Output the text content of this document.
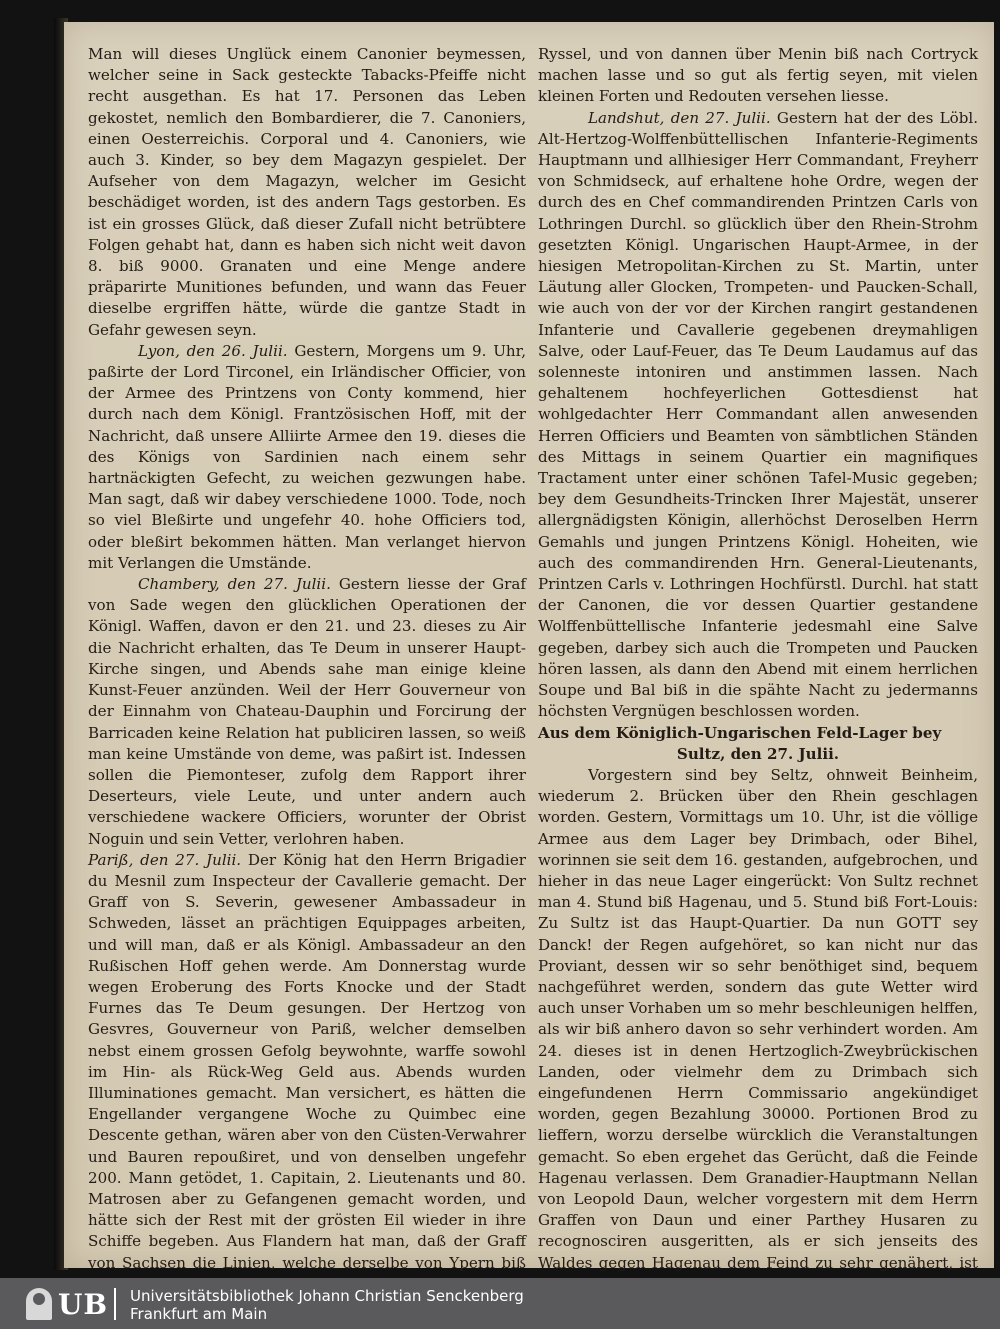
Man will dieses Unglück einem Canonier beymessen, welcher seine in Sack gesteckte Tabacks-Pfeiffe nicht recht ausgethan. Es hat 17. Personen das Leben gekostet, nemlich den Bombardierer, die 7. Canoniers, einen Oesterreichis. Corporal und 4. Canoniers, wie auch 3. Kinder, so bey dem Magazyn gespielet. Der Aufseher von dem Magazyn, welcher im Gesicht beschädiget worden, ist des andern Tags gestorben. Es ist ein grosses Glück, daß dieser Zufall nicht betrübtere Folgen gehabt hat, dann es haben sich nicht weit davon 8. biß 9000. Granaten und eine Menge andere präparirte Munitiones befunden, und wann das Feuer dieselbe ergriffen hätte, würde die gantze Stadt in Gefahr gewesen seyn.

Lyon, den 26. Julii. Gestern, Morgens um 9. Uhr, paßirte der Lord Tirconel, ein Irländischer Officier, von der Armee des Printzens von Conty kommend, hier durch nach dem Königl. Frantzösischen Hoff, mit der Nachricht, daß unsere Alliirte Armee den 19. dieses die des Königs von Sardinien nach einem sehr hartnäckigten Gefecht, zu weichen gezwungen habe. Man sagt, daß wir dabey verschiedene 1000. Tode, noch so viel Bleßirte und ungefehr 40. hohe Officiers tod, oder bleßirt bekommen hätten. Man verlanget hiervon mit Verlangen die Umstände.

Chambery, den 27. Julii. Gestern liesse der Graf von Sade wegen den glücklichen Operationen der Königl. Waffen, davon er den 21. und 23. dieses zu Air die Nachricht erhalten, das Te Deum in unserer Haupt-Kirche singen, und Abends sahe man einige kleine Kunst-Feuer anzünden. Weil der Herr Gouverneur von der Einnahm von Chateau-Dauphin und Forcirung der Barricaden keine Relation hat publiciren lassen, so weiß man keine Umstände von deme, was paßirt ist. Indessen sollen die Piemonteser, zufolg dem Rapport ihrer Deserteurs, viele Leute, und unter andern auch verschiedene wackere Officiers, worunter der Obrist Noguin und sein Vetter, verlohren haben.

Pariß, den 27. Julii. Der König hat den Herrn Brigadier du Mesnil zum Inspecteur der Cavallerie gemacht. Der Graff von S. Severin, gewesener Ambassadeur in Schweden, lässet an prächtigen Equippages arbeiten, und will man, daß er als Königl. Ambassadeur an den Rußischen Hoff gehen werde. Am Donnerstag wurde wegen Eroberung des Forts Knocke und der Stadt Furnes das Te Deum gesungen. Der Hertzog von Gesvres, Gouverneur von Pariß, welcher demselben nebst einem grossen Gefolg beywohnte, warffe sowohl im Hin- als Rück-Weg Geld aus. Abends wurden Illuminationes gemacht. Man versichert, es hätten die Engellander vergangene Woche zu Quimbec eine Descente gethan, wären aber von den Cüsten-Verwahrer und Bauren repoußiret, und von denselben ungefehr 200. Mann getödet, 1. Capitain, 2. Lieutenants und 80. Matrosen aber zu Gefangenen gemacht worden, und hätte sich der Rest mit der grösten Eil wieder in ihre Schiffe begeben. Aus Flandern hat man, daß der Graff von Sachsen die Linien, welche derselbe von Ypern biß

Ryssel, und von dannen über Menin biß nach Cortryck machen lasse und so gut als fertig seyen, mit vielen kleinen Forten und Redouten versehen liesse.

Landshut, den 27. Julii. Gestern hat der des Löbl. Alt-Hertzog-Wolffenbüttellischen Infanterie-Regiments Hauptmann und allhiesiger Herr Commandant, Freyherr von Schmidseck, auf erhaltene hohe Ordre, wegen der durch des en Chef commandirenden Printzen Carls von Lothringen Durchl. so glücklich über den Rhein-Strohm gesetzten Königl. Ungarischen Haupt-Armee, in der hiesigen Metropolitan-Kirchen zu St. Martin, unter Läutung aller Glocken, Trompeten- und Paucken-Schall, wie auch von der vor der Kirchen rangirt gestandenen Infanterie und Cavallerie gegebenen dreymahligen Salve, oder Lauf-Feuer, das Te Deum Laudamus auf das solenneste intoniren und anstimmen lassen. Nach gehaltenem hochfeyerlichen Gottesdienst hat wohlgedachter Herr Commandant allen anwesenden Herren Officiers und Beamten von sämbtlichen Ständen des Mittags in seinem Quartier ein magnifiques Tractament unter einer schönen Tafel-Music gegeben; bey dem Gesundheits-Trincken Ihrer Majestät, unserer allergnädigsten Königin, allerhöchst Deroselben Herrn Gemahls und jungen Printzens Königl. Hoheiten, wie auch des commandirenden Hrn. General-Lieutenants, Printzen Carls v. Lothringen Hochfürstl. Durchl. hat statt der Canonen, die vor dessen Quartier gestandene Wolffenbüttellische Infanterie jedesmahl eine Salve gegeben, darbey sich auch die Trompeten und Paucken hören lassen, als dann den Abend mit einem herrlichen Soupe und Bal biß in die spähte Nacht zu jedermanns höchsten Vergnügen beschlossen worden.

Aus dem Königlich-Ungarischen Feld-Lager bey
Sultz, den 27. Julii.

Vorgestern sind bey Seltz, ohnweit Beinheim, wiederum 2. Brücken über den Rhein geschlagen worden. Gestern, Vormittags um 10. Uhr, ist die völlige Armee aus dem Lager bey Drimbach, oder Bihel, worinnen sie seit dem 16. gestanden, aufgebrochen, und hieher in das neue Lager eingerückt: Von Sultz rechnet man 4. Stund biß Hagenau, und 5. Stund biß Fort-Louis: Zu Sultz ist das Haupt-Quartier. Da nun GOTT sey Danck! der Regen aufgehöret, so kan nicht nur das Proviant, dessen wir so sehr benöthiget sind, bequem nachgeführet werden, sondern das gute Wetter wird auch unser Vorhaben um so mehr beschleunigen helffen, als wir biß anhero davon so sehr verhindert worden. Am 24. dieses ist in denen Hertzoglich-Zweybrückischen Landen, oder vielmehr dem zu Drimbach sich eingefundenen Herrn Commissario angekündiget worden, gegen Bezahlung 30000. Portionen Brod zu lieffern, worzu derselbe würcklich die Veranstaltungen gemacht. So eben ergehet das Gerücht, daß die Feinde Hagenau verlassen. Dem Granadier-Hauptmann Nellan von Leopold Daun, welcher vorgestern mit dem Herrn Graffen von Daun und einer Parthey Husaren zu recognosciren ausgeritten, als er sich jenseits des Waldes gegen Hagenau dem Feind zu sehr genähert, ist

UB Universitätsbibliothek Johann Christian Senckenberg
Frankfurt am Main
